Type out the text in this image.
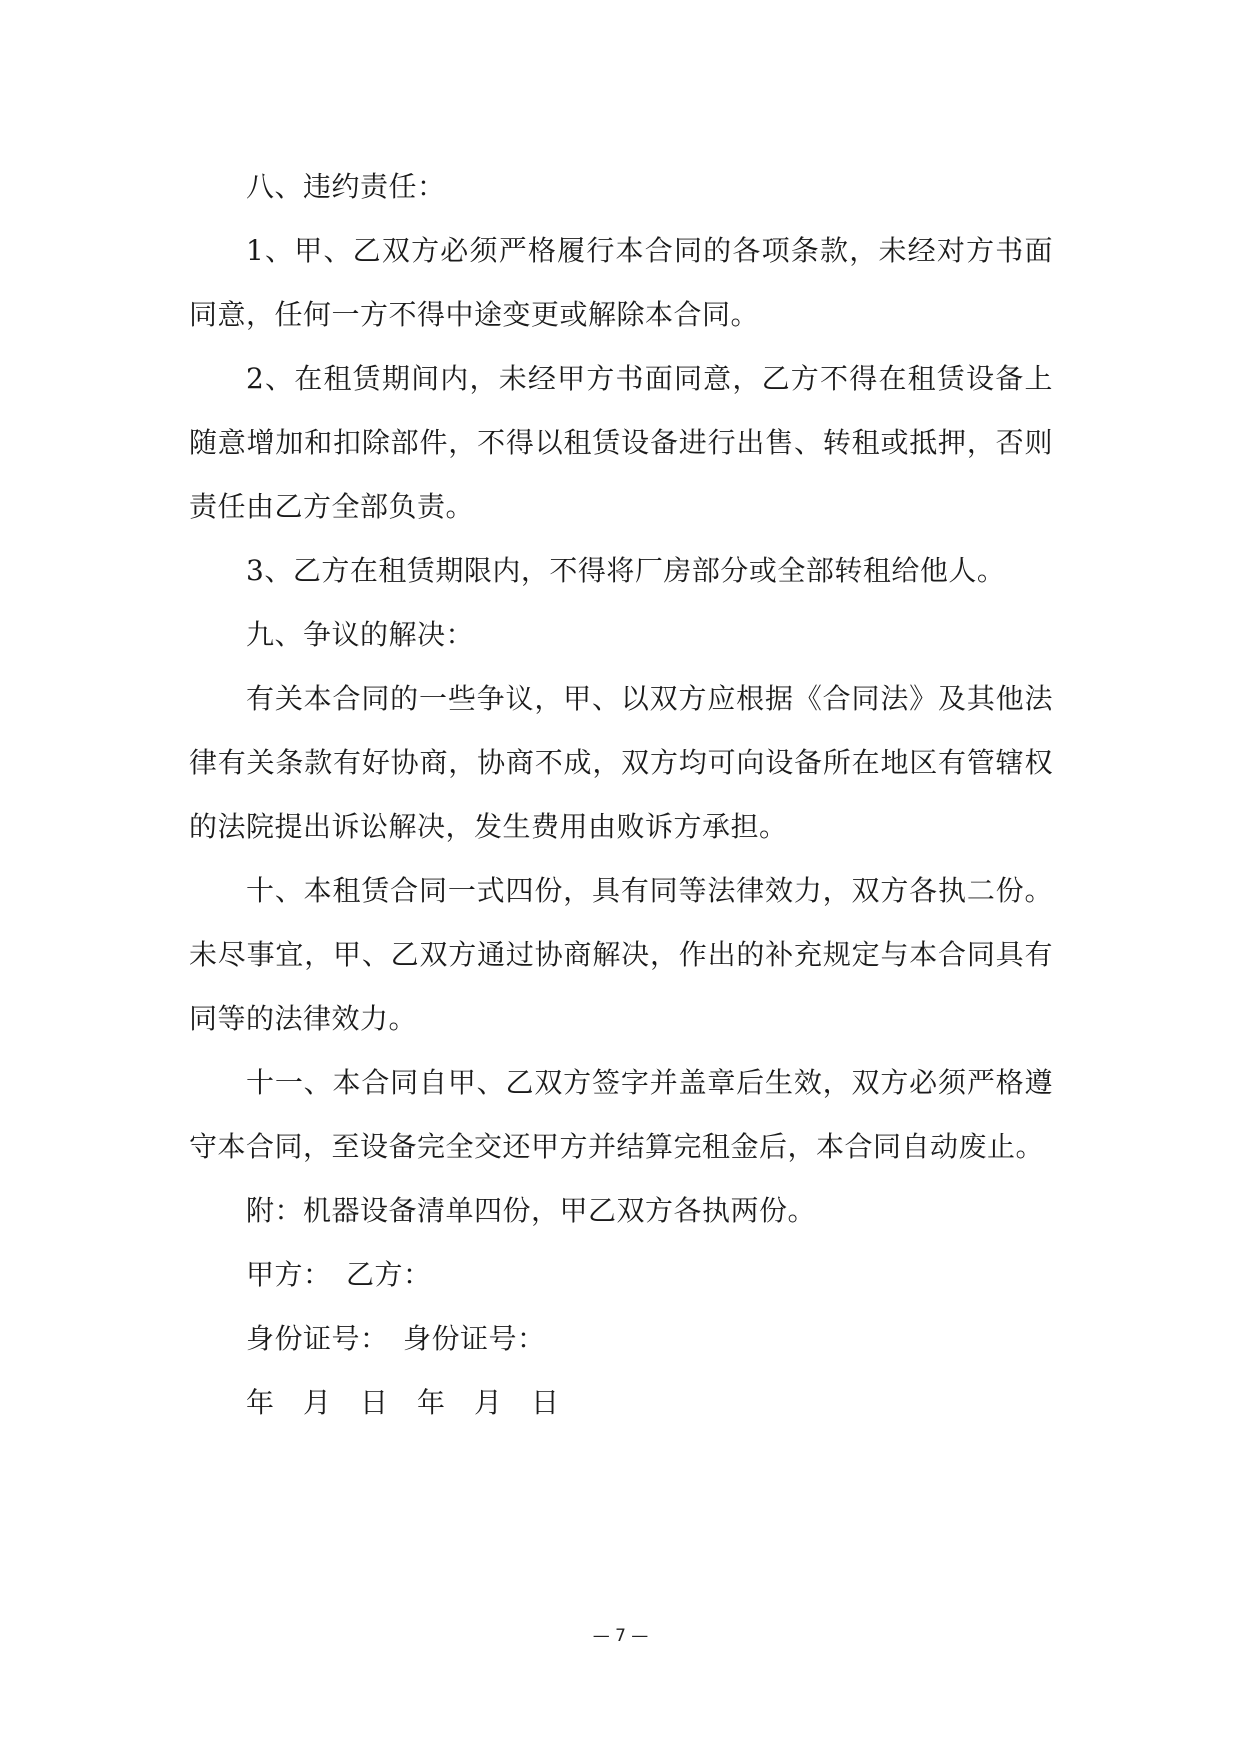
八、违约责任：

1、甲、乙双方必须严格履行本合同的各项条款，未经对方书面同意，任何一方不得中途变更或解除本合同。

2、在租赁期间内，未经甲方书面同意，乙方不得在租赁设备上随意增加和扣除部件，不得以租赁设备进行出售、转租或抵押，否则责任由乙方全部负责。

3、乙方在租赁期限内，不得将厂房部分或全部转租给他人。

九、争议的解决：

有关本合同的一些争议，甲、以双方应根据《合同法》及其他法律有关条款有好协商，协商不成，双方均可向设备所在地区有管辖权的法院提出诉讼解决，发生费用由败诉方承担。

十、本租赁合同一式四份，具有同等法律效力，双方各执二份。未尽事宜，甲、乙双方通过协商解决，作出的补充规定与本合同具有同等的法律效力。

十一、本合同自甲、乙双方签字并盖章后生效，双方必须严格遵守本合同，至设备完全交还甲方并结算完租金后，本合同自动废止。

附：机器设备清单四份，甲乙双方各执两份。

甲方：　乙方：

身份证号：　身份证号：

年　月　日　年　月　日

— 7 —
